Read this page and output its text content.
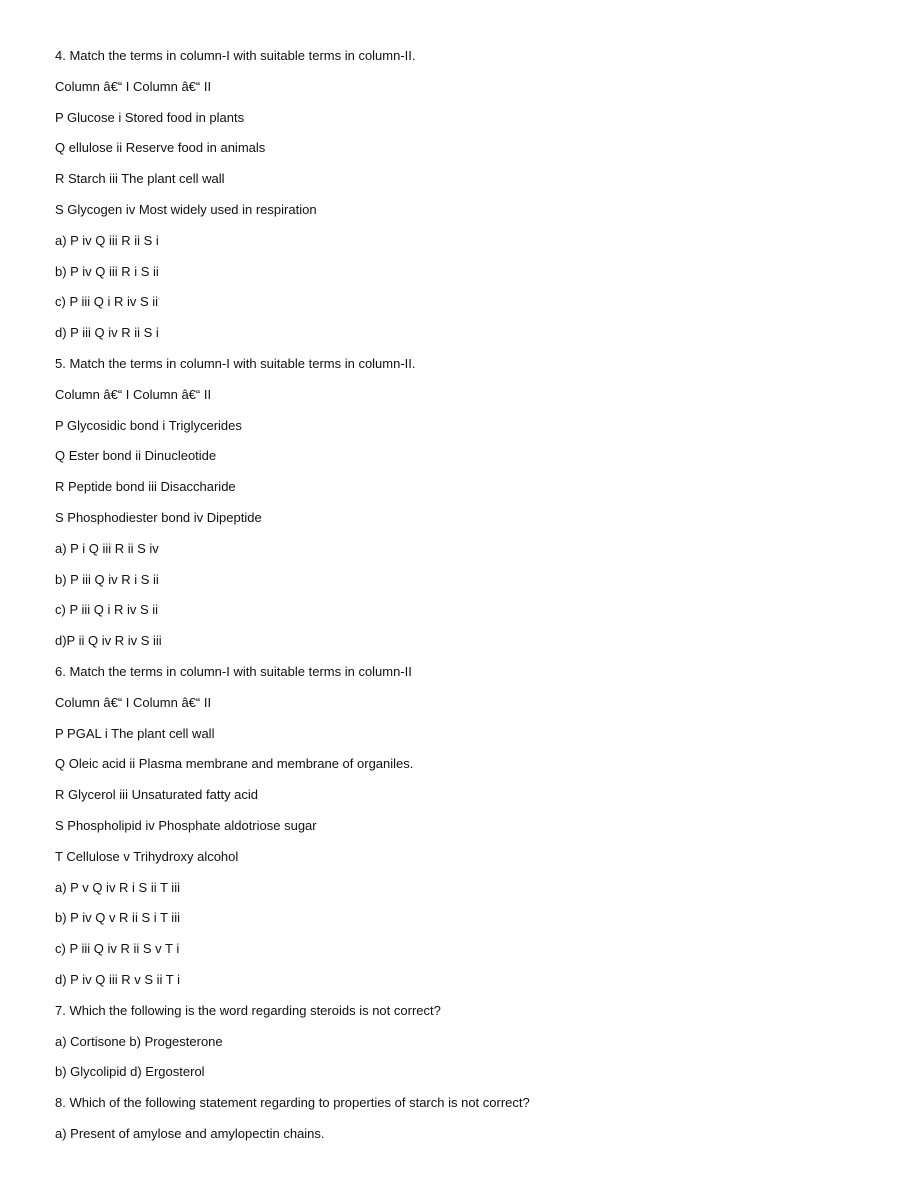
4. Match the terms in column-I with suitable terms in column-II.

Column â€“ I Column â€“ II

P Glucose i Stored food in plants

Q ellulose ii Reserve food in animals

R Starch iii The plant cell wall

S Glycogen iv Most widely used in respiration

a) P iv Q iii R ii S i

b) P iv Q iii R i S ii

c) P iii Q i R iv S ii

d) P iii Q iv R ii S i

5. Match the terms in column-I with suitable terms in column-II.

Column â€“ I Column â€“ II

P Glycosidic bond i Triglycerides

Q Ester bond ii Dinucleotide

R Peptide bond iii Disaccharide

S Phosphodiester bond iv Dipeptide

a) P i Q iii R ii S iv

b) P iii Q iv R i S ii

c) P iii Q i R iv S ii

d)P ii Q iv R iv S iii

6. Match the terms in column-I with suitable terms in column-II

Column â€“ I Column â€“ II

P PGAL i The plant cell wall

Q Oleic acid ii Plasma membrane and membrane of organiles.

R Glycerol iii Unsaturated fatty acid

S Phospholipid iv Phosphate aldotriose sugar

T Cellulose v Trihydroxy alcohol

a) P v Q iv R i S ii T iii

b) P iv Q v R ii S i T iii

c) P iii Q iv R ii S v T i

d) P iv Q iii R v S ii T i

7. Which the following is the word regarding steroids is not correct?

a) Cortisone b) Progesterone

b) Glycolipid d) Ergosterol

8. Which of the following statement regarding to properties of starch is not correct?

a) Present of amylose and amylopectin chains.
